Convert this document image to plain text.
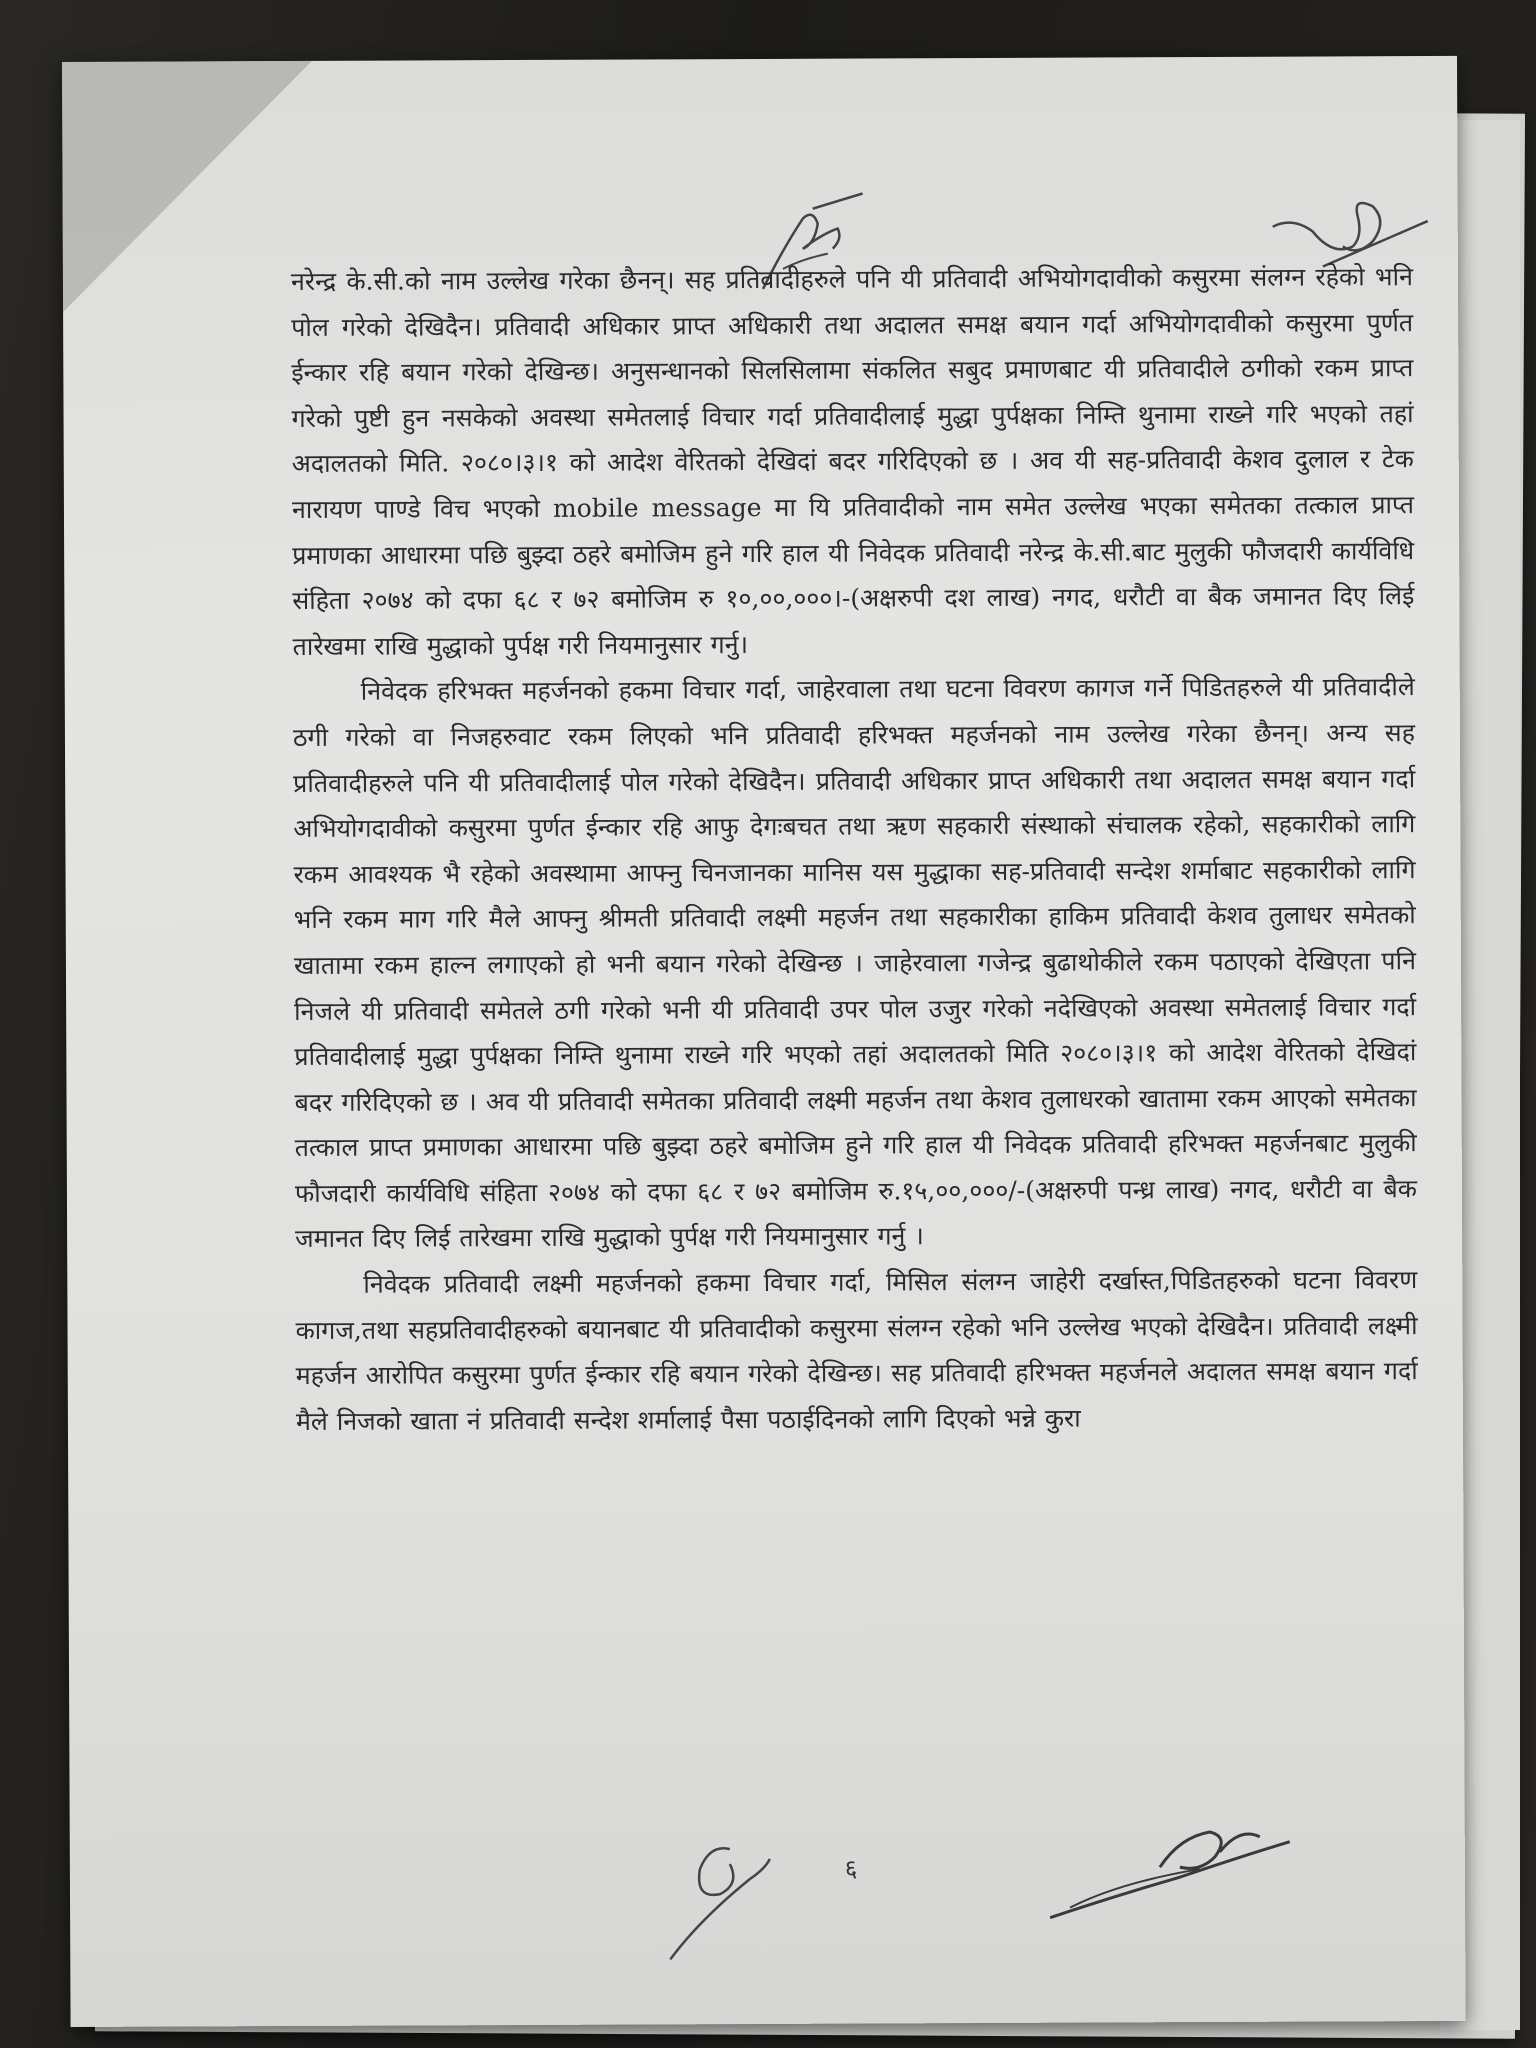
नरेन्द्र के.सी.को नाम उल्लेख गरेका छैनन्। सह प्रतिवादीहरुले पनि यी प्रतिवादी अभियोगदावीको कसुरमा संलग्न रहेको भनि पोल गरेको देखिदैन। प्रतिवादी अधिकार प्राप्त अधिकारी तथा अदालत समक्ष बयान गर्दा अभियोगदावीको कसुरमा पुर्णत ईन्कार रहि बयान गरेको देखिन्छ। अनुसन्धानको सिलसिलामा संकलित सबुद प्रमाणबाट यी प्रतिवादीले ठगीको रकम प्राप्त गरेको पुष्टी हुन नसकेको अवस्था समेतलाई विचार गर्दा प्रतिवादीलाई मुद्धा पुर्पक्षका निम्ति थुनामा राख्ने गरि भएको तहां अदालतको मिति. २०८०।३।१ को आदेश वेरितको देखिदां बदर गरिदिएको छ । अव यी सह-प्रतिवादी केशव दुलाल र टेक नारायण पाण्डे विच भएको mobile message मा यि प्रतिवादीको नाम समेत उल्लेख भएका समेतका तत्काल प्राप्त प्रमाणका आधारमा पछि बुझ्दा ठहरे बमोजिम हुने गरि हाल यी निवेदक प्रतिवादी नरेन्द्र के.सी.बाट मुलुकी फौजदारी कार्यविधि संहिता २०७४ को दफा ६८ र ७२ बमोजिम रु १०,००,०००।-(अक्षरुपी दश लाख) नगद, धरौटी वा बैक जमानत दिए लिई तारेखमा राखि मुद्धाको पुर्पक्ष गरी नियमानुसार गर्नु।

निवेदक हरिभक्त महर्जनको हकमा विचार गर्दा, जाहेरवाला तथा घटना विवरण कागज गर्ने पिडितहरुले यी प्रतिवादीले ठगी गरेको वा निजहरुवाट रकम लिएको भनि प्रतिवादी हरिभक्त महर्जनको नाम उल्लेख गरेका छैनन्। अन्य सह प्रतिवादीहरुले पनि यी प्रतिवादीलाई पोल गरेको देखिदैन। प्रतिवादी अधिकार प्राप्त अधिकारी तथा अदालत समक्ष बयान गर्दा अभियोगदावीको कसुरमा पुर्णत ईन्कार रहि आफु देगःबचत तथा ऋण सहकारी संस्थाको संचालक रहेको, सहकारीको लागि रकम आवश्यक भै रहेको अवस्थामा आफ्नु चिनजानका मानिस यस मुद्धाका सह-प्रतिवादी सन्देश शर्माबाट सहकारीको लागि भनि रकम माग गरि मैले आफ्नु श्रीमती प्रतिवादी लक्ष्मी महर्जन तथा सहकारीका हाकिम प्रतिवादी केशव तुलाधर समेतको खातामा रकम हाल्न लगाएको हो भनी बयान गरेको देखिन्छ । जाहेरवाला गजेन्द्र बुढाथोकीले रकम पठाएको देखिएता पनि निजले यी प्रतिवादी समेतले ठगी गरेको भनी यी प्रतिवादी उपर पोल उजुर गरेको नदेखिएको अवस्था समेतलाई विचार गर्दा प्रतिवादीलाई मुद्धा पुर्पक्षका निम्ति थुनामा राख्ने गरि भएको तहां अदालतको मिति २०८०।३।१ को आदेश वेरितको देखिदां बदर गरिदिएको छ । अव यी प्रतिवादी समेतका प्रतिवादी लक्ष्मी महर्जन तथा केशव तुलाधरको खातामा रकम आएको समेतका तत्काल प्राप्त प्रमाणका आधारमा पछि बुझ्दा ठहरे बमोजिम हुने गरि हाल यी निवेदक प्रतिवादी हरिभक्त महर्जनबाट मुलुकी फौजदारी कार्यविधि संहिता २०७४ को दफा ६८ र ७२ बमोजिम रु.१५,००,०००/-(अक्षरुपी पन्ध्र लाख) नगद, धरौटी वा बैक जमानत दिए लिई तारेखमा राखि मुद्धाको पुर्पक्ष गरी नियमानुसार गर्नु ।

निवेदक प्रतिवादी लक्ष्मी महर्जनको हकमा विचार गर्दा, मिसिल संलग्न जाहेरी दर्खास्त,पिडितहरुको घटना विवरण कागज,तथा सहप्रतिवादीहरुको बयानबाट यी प्रतिवादीको कसुरमा संलग्न रहेको भनि उल्लेख भएको देखिदैन। प्रतिवादी लक्ष्मी महर्जन आरोपित कसुरमा पुर्णत ईन्कार रहि बयान गरेको देखिन्छ। सह प्रतिवादी हरिभक्त महर्जनले अदालत समक्ष बयान गर्दा मैले निजको खाता नं प्रतिवादी सन्देश शर्मालाई पैसा पठाईदिनको लागि दिएको भन्ने कुरा

६
